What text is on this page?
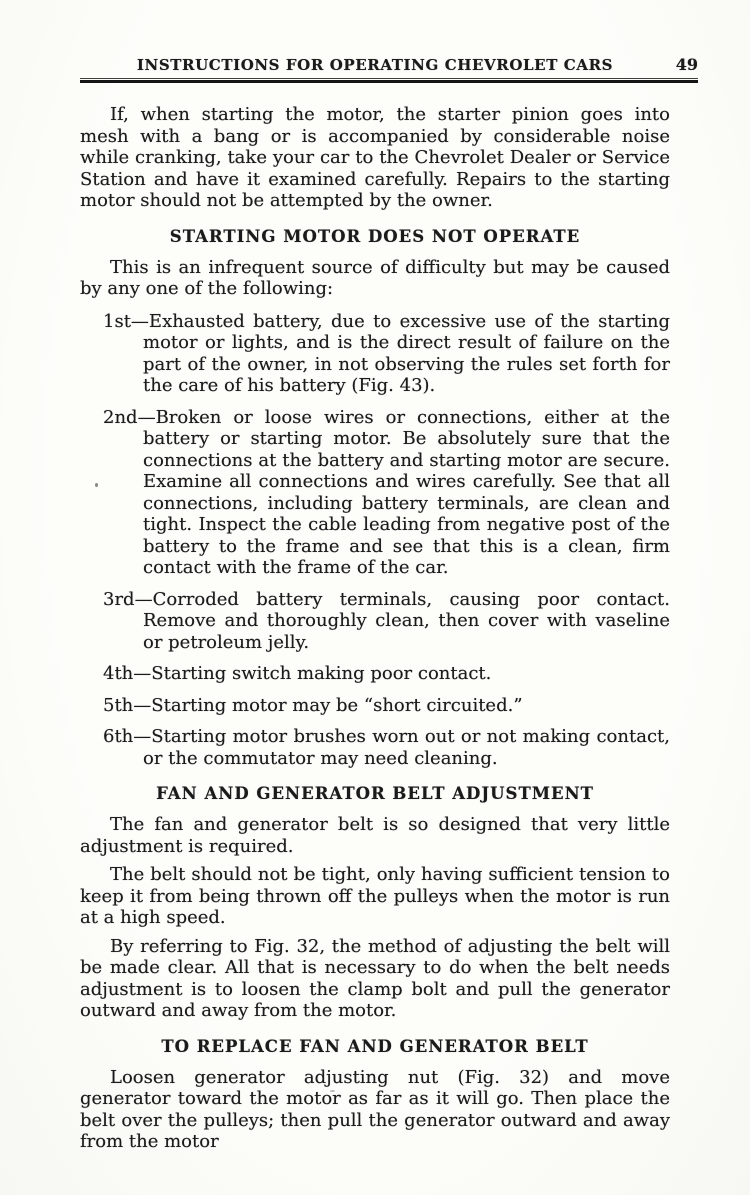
INSTRUCTIONS FOR OPERATING CHEVROLET CARS	49

If, when starting the motor, the starter pinion goes into mesh with a bang or is accompanied by considerable noise while cranking, take your car to the Chevrolet Dealer or Service Station and have it examined carefully. Repairs to the starting motor should not be attempted by the owner.

STARTING MOTOR DOES NOT OPERATE

This is an infrequent source of difficulty but may be caused by any one of the following:

1st—Exhausted battery, due to excessive use of the starting motor or lights, and is the direct result of failure on the part of the owner, in not observing the rules set forth for the care of his battery (Fig. 43).

2nd—Broken or loose wires or connections, either at the battery or starting motor. Be absolutely sure that the connections at the battery and starting motor are secure. Examine all connections and wires carefully. See that all connections, including battery terminals, are clean and tight. Inspect the cable leading from negative post of the battery to the frame and see that this is a clean, firm contact with the frame of the car.

3rd—Corroded battery terminals, causing poor contact. Remove and thoroughly clean, then cover with vaseline or petroleum jelly.

4th—Starting switch making poor contact.

5th—Starting motor may be “short circuited.”

6th—Starting motor brushes worn out or not making contact, or the commutator may need cleaning.

FAN AND GENERATOR BELT ADJUSTMENT

The fan and generator belt is so designed that very little adjustment is required.

The belt should not be tight, only having sufficient tension to keep it from being thrown off the pulleys when the motor is run at a high speed.

By referring to Fig. 32, the method of adjusting the belt will be made clear. All that is necessary to do when the belt needs adjustment is to loosen the clamp bolt and pull the generator outward and away from the motor.

TO REPLACE FAN AND GENERATOR BELT

Loosen generator adjusting nut (Fig. 32) and move generator toward the motor as far as it will go. Then place the belt over the pulleys; then pull the generator outward and away from the motor
